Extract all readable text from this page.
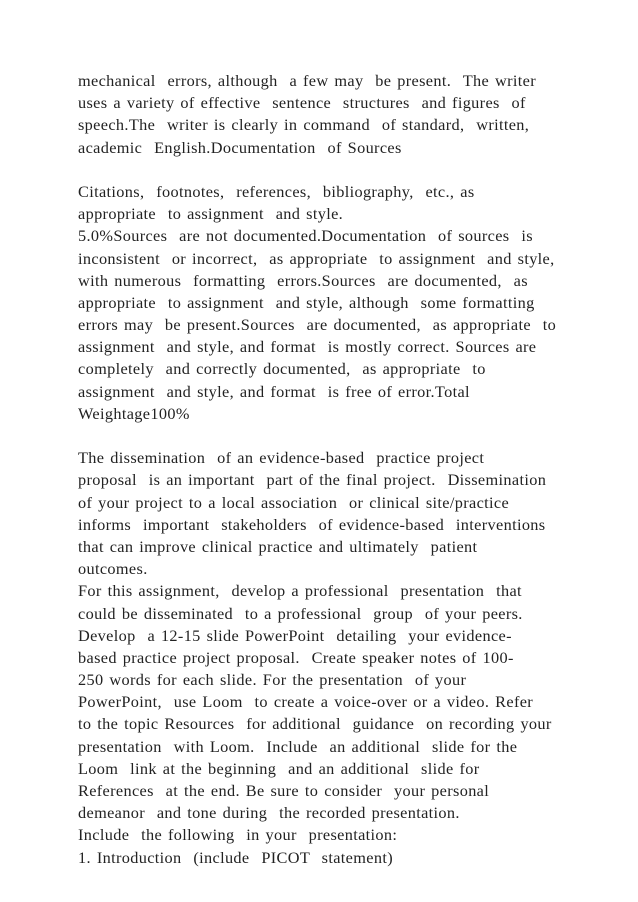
mechanical  errors, although  a few may  be present.  The writer
uses a variety of effective  sentence  structures  and figures  of
speech.The  writer is clearly in command  of standard,  written,
academic  English.Documentation  of Sources
Citations,  footnotes,  references,  bibliography,  etc., as
appropriate  to assignment  and style.
5.0%Sources  are not documented.Documentation  of sources  is
inconsistent  or incorrect,  as appropriate  to assignment  and style,
with numerous  formatting  errors.Sources  are documented,  as
appropriate  to assignment  and style, although  some formatting
errors may  be present.Sources  are documented,  as appropriate  to
assignment  and style, and format  is mostly correct. Sources are
completely  and correctly documented,  as appropriate  to
assignment  and style, and format  is free of error.Total
Weightage100%
The dissemination  of an evidence-based  practice project
proposal  is an important  part of the final project.  Dissemination
of your project to a local association  or clinical site/practice
informs  important  stakeholders  of evidence-based  interventions
that can improve clinical practice and ultimately  patient
outcomes.
For this assignment,  develop a professional  presentation  that
could be disseminated  to a professional  group  of your peers.
Develop  a 12-15 slide PowerPoint  detailing  your evidence-
based practice project proposal.  Create speaker notes of 100-
250 words for each slide. For the presentation  of your
PowerPoint,  use Loom  to create a voice-over or a video. Refer
to the topic Resources  for additional  guidance  on recording your
presentation  with Loom.  Include  an additional  slide for the
Loom  link at the beginning  and an additional  slide for
References  at the end. Be sure to consider  your personal
demeanor  and tone during  the recorded presentation.
Include  the following  in your  presentation:
1. Introduction  (include  PICOT  statement)
